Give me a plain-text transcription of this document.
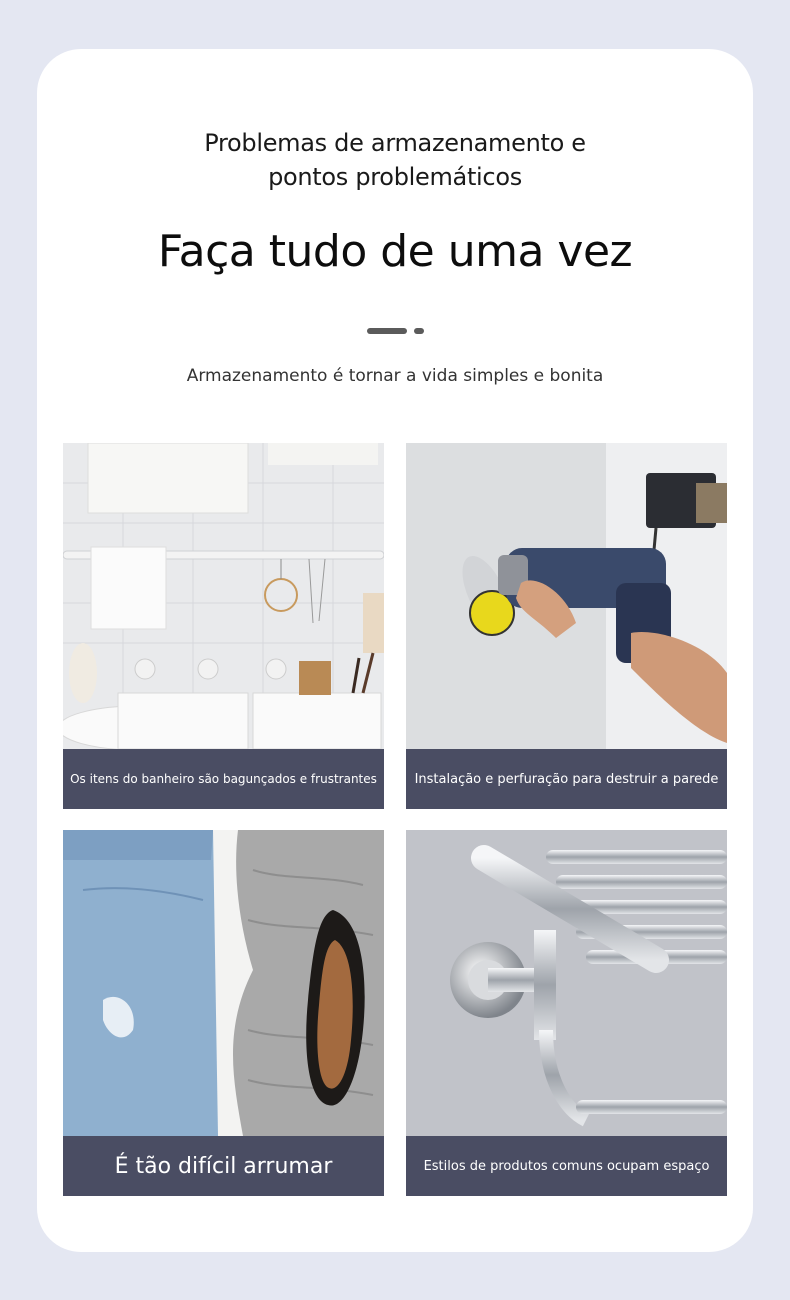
Problemas de armazenamento e
pontos problemáticos
Faça tudo de uma vez
Armazenamento é tornar a vida simples e bonita
Os itens do banheiro são bagunçados e frustrantes	Instalação e perfuração para destruir a parede
É tão difícil arrumar	Estilos de produtos comuns ocupam espaço
